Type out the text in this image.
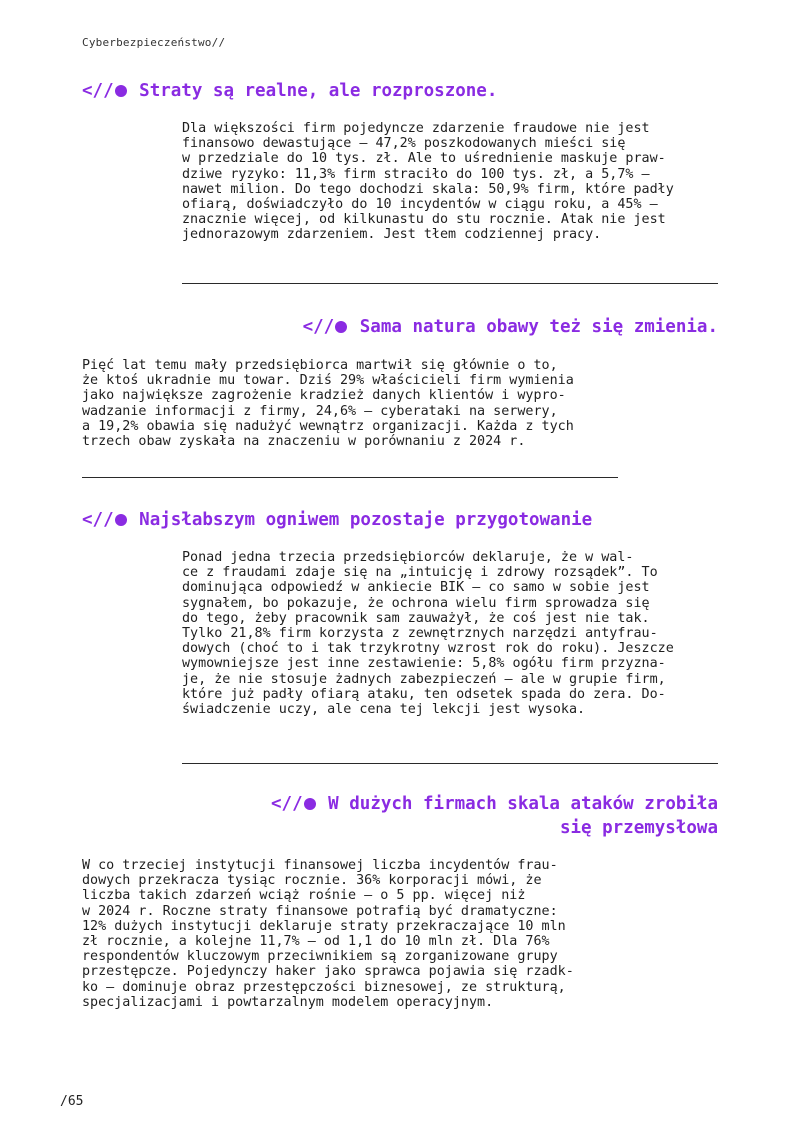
Cyberbezpieczeństwo//
<// Straty są realne, ale rozproszone.
Dla większości firm pojedyncze zdarzenie fraudowe nie jest
finansowo dewastujące — 47,2% poszkodowanych mieści się
w przedziale do 10 tys. zł. Ale to uśrednienie maskuje praw-
dziwe ryzyko: 11,3% firm straciło do 100 tys. zł, a 5,7% —
nawet milion. Do tego dochodzi skala: 50,9% firm, które padły
ofiarą, doświadczyło do 10 incydentów w ciągu roku, a 45% —
znacznie więcej, od kilkunastu do stu rocznie. Atak nie jest
jednorazowym zdarzeniem. Jest tłem codziennej pracy.
<// Sama natura obawy też się zmienia.
Pięć lat temu mały przedsiębiorca martwił się głównie o to,
że ktoś ukradnie mu towar. Dziś 29% właścicieli firm wymienia
jako największe zagrożenie kradzież danych klientów i wypro-
wadzanie informacji z firmy, 24,6% — cyberataki na serwery,
a 19,2% obawia się nadużyć wewnątrz organizacji. Każda z tych
trzech obaw zyskała na znaczeniu w porównaniu z 2024 r.
<// Najsłabszym ogniwem pozostaje przygotowanie
Ponad jedna trzecia przedsiębiorców deklaruje, że w wal-
ce z fraudami zdaje się na „intuicję i zdrowy rozsądek”. To
dominująca odpowiedź w ankiecie BIK — co samo w sobie jest
sygnałem, bo pokazuje, że ochrona wielu firm sprowadza się
do tego, żeby pracownik sam zauważył, że coś jest nie tak.
Tylko 21,8% firm korzysta z zewnętrznych narzędzi antyfrau-
dowych (choć to i tak trzykrotny wzrost rok do roku). Jeszcze
wymowniejsze jest inne zestawienie: 5,8% ogółu firm przyzna-
je, że nie stosuje żadnych zabezpieczeń — ale w grupie firm,
które już padły ofiarą ataku, ten odsetek spada do zera. Do-
świadczenie uczy, ale cena tej lekcji jest wysoka.
<// W dużych firmach skala ataków zrobiła
się przemysłowa
W co trzeciej instytucji finansowej liczba incydentów frau-
dowych przekracza tysiąc rocznie. 36% korporacji mówi, że
liczba takich zdarzeń wciąż rośnie — o 5 pp. więcej niż
w 2024 r. Roczne straty finansowe potrafią być dramatyczne:
12% dużych instytucji deklaruje straty przekraczające 10 mln
zł rocznie, a kolejne 11,7% — od 1,1 do 10 mln zł. Dla 76%
respondentów kluczowym przeciwnikiem są zorganizowane grupy
przestępcze. Pojedynczy haker jako sprawca pojawia się rzadk-
ko — dominuje obraz przestępczości biznesowej, ze strukturą,
specjalizacjami i powtarzalnym modelem operacyjnym.
/65
